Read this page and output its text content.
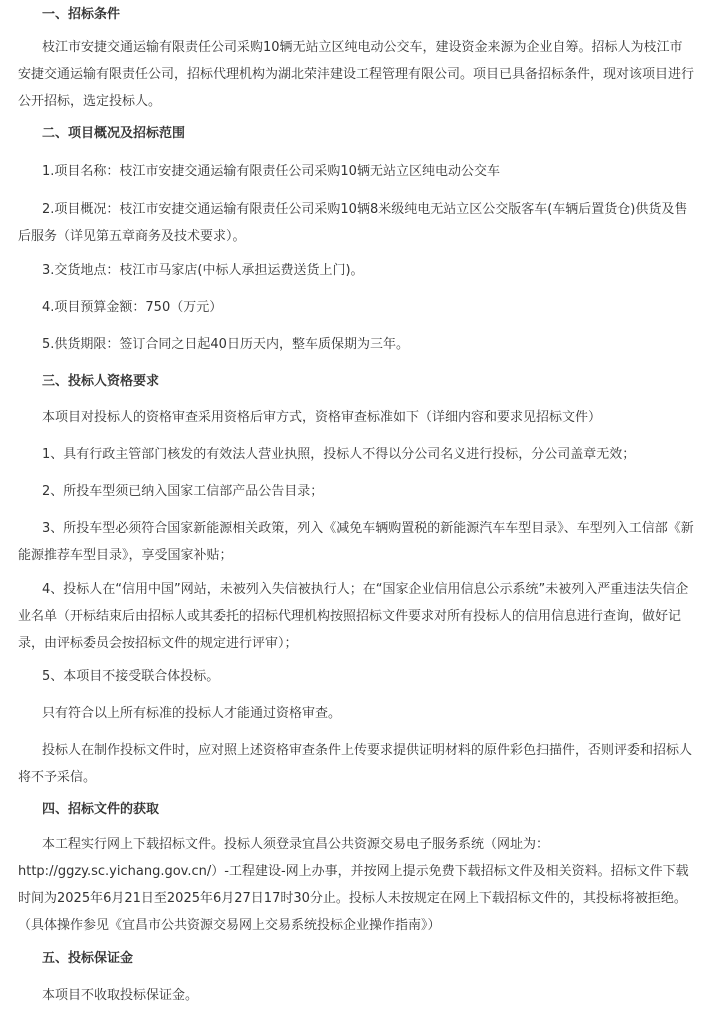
一、招标条件

枝江市安捷交通运输有限责任公司采购10辆无站立区纯电动公交车，建设资金来源为企业自筹。招标人为枝江市安捷交通运输有限责任公司，招标代理机构为湖北荣沣建设工程管理有限公司。项目已具备招标条件，现对该项目进行公开招标，选定投标人。

二、项目概况及招标范围

1.项目名称：枝江市安捷交通运输有限责任公司采购10辆无站立区纯电动公交车

2.项目概况：枝江市安捷交通运输有限责任公司采购10辆8米级纯电无站立区公交版客车(车辆后置货仓)供货及售后服务（详见第五章商务及技术要求）。

3.交货地点：枝江市马家店(中标人承担运费送货上门)。

4.项目预算金额：750（万元）

5.供货期限：签订合同之日起40日历天内，整车质保期为三年。

三、投标人资格要求

本项目对投标人的资格审查采用资格后审方式，资格审查标准如下（详细内容和要求见招标文件）

1、具有行政主管部门核发的有效法人营业执照，投标人不得以分公司名义进行投标，分公司盖章无效；

2、所投车型须已纳入国家工信部产品公告目录；

3、所投车型必须符合国家新能源相关政策，列入《减免车辆购置税的新能源汽车车型目录》、车型列入工信部《新能源推荐车型目录》，享受国家补贴；

4、投标人在“信用中国”网站，未被列入失信被执行人；在“国家企业信用信息公示系统”未被列入严重违法失信企业名单（开标结束后由招标人或其委托的招标代理机构按照招标文件要求对所有投标人的信用信息进行查询，做好记录，由评标委员会按招标文件的规定进行评审）；

5、本项目不接受联合体投标。

只有符合以上所有标准的投标人才能通过资格审查。

投标人在制作投标文件时，应对照上述资格审查条件上传要求提供证明材料的原件彩色扫描件，否则评委和招标人将不予采信。

四、招标文件的获取

本工程实行网上下载招标文件。投标人须登录宜昌公共资源交易电子服务系统（网址为：http://ggzy.sc.yichang.gov.cn/）-工程建设-网上办事，并按网上提示免费下载招标文件及相关资料。招标文件下载时间为2025年6月21日至2025年6月27日17时30分止。投标人未按规定在网上下载招标文件的，其投标将被拒绝。（具体操作参见《宜昌市公共资源交易网上交易系统投标企业操作指南》）

五、投标保证金

本项目不收取投标保证金。
